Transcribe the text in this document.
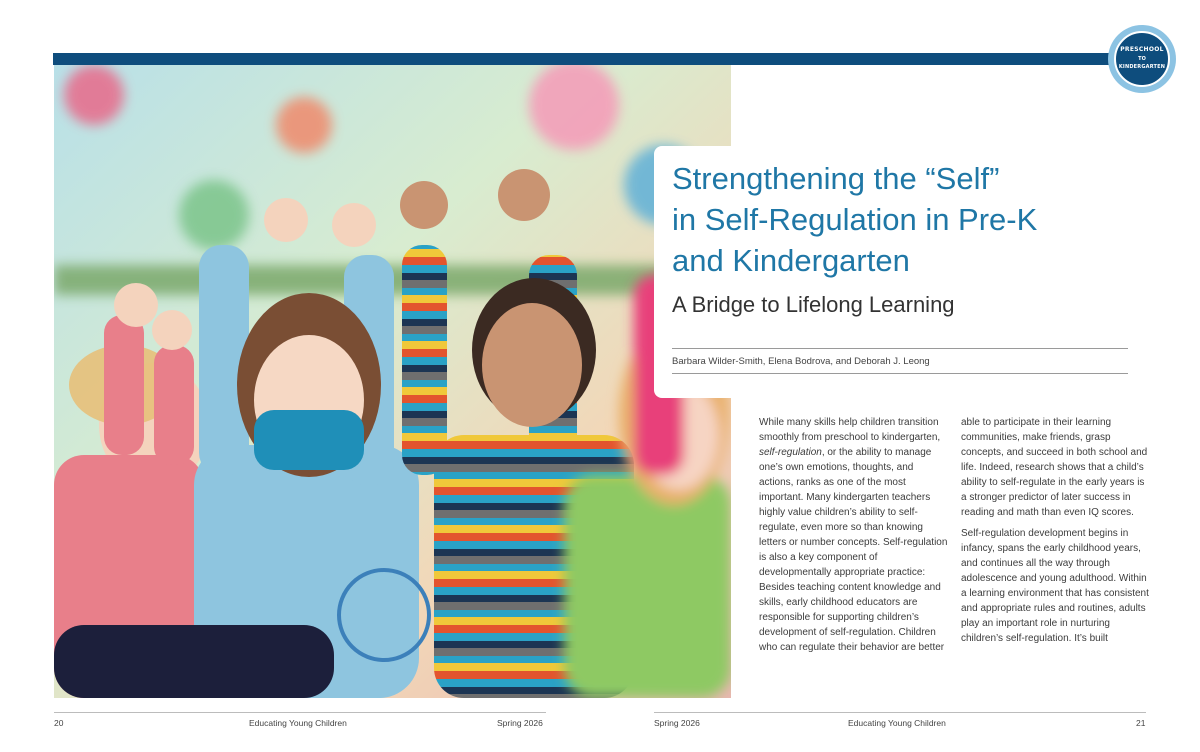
PRESCHOOL
TO
KINDERGARTEN
Strengthening the “Self”
in Self-Regulation in Pre-K
and Kindergarten
A Bridge to Lifelong Learning
Barbara Wilder-Smith, Elena Bodrova, and Deborah J. Leong

While many skills help children transition smoothly from preschool to kindergarten, self-regulation, or the ability to manage one’s own emotions, thoughts, and actions, ranks as one of the most important. Many kindergarten teachers highly value children’s ability to self-regulate, even more so than knowing letters or number concepts. Self-regulation is also a key component of developmentally appropriate practice: Besides teaching content knowledge and skills, early childhood educators are responsible for supporting children’s development of self-regulation. Children who can regulate their behavior are better

able to participate in their learning communities, make friends, grasp concepts, and succeed in both school and life. Indeed, research shows that a child’s ability to self-regulate in the early years is a stronger predictor of later success in reading and math than even IQ scores.

Self-regulation development begins in infancy, spans the early childhood years, and continues all the way through adolescence and young adulthood. Within a learning environment that has consistent and appropriate rules and routines, adults play an important role in nurturing children’s self-regulation. It’s built

20	Educating Young Children	Spring 2026	Spring 2026	Educating Young Children	21
